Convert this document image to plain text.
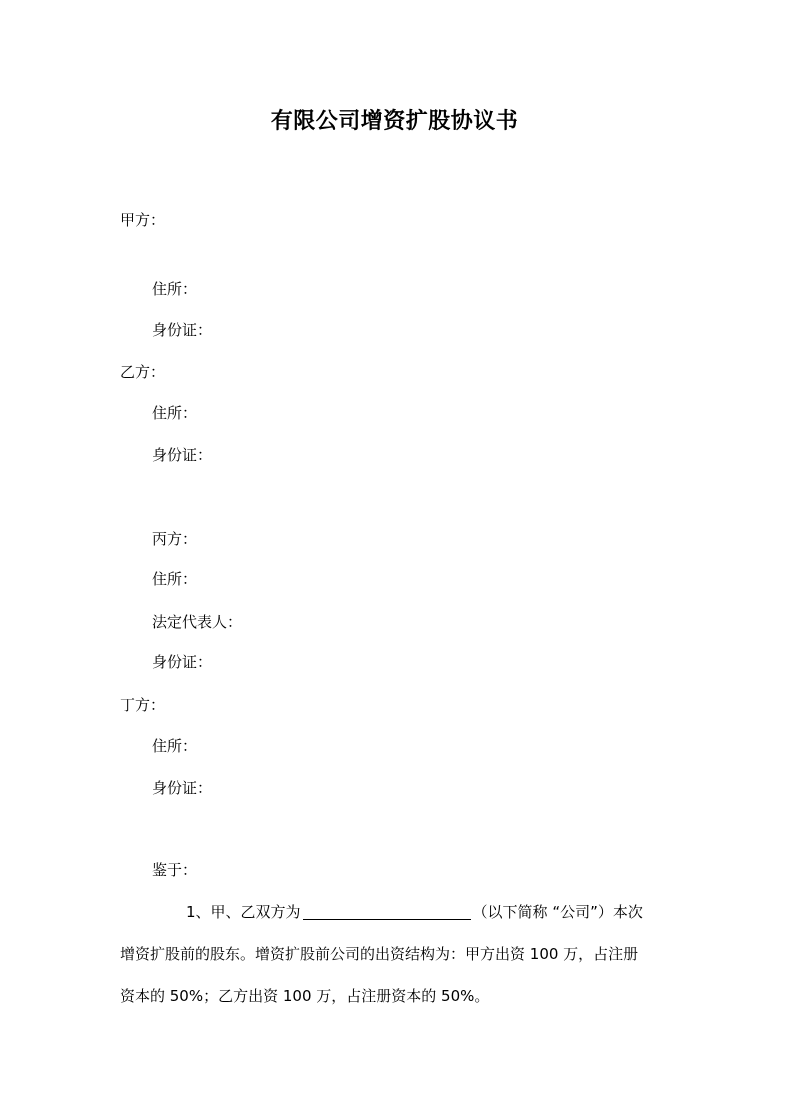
有限公司增资扩股协议书
甲方：
住所：
身份证：
乙方：
住所：
身份证：
丙方：
住所：
法定代表人：
身份证：
丁方：
住所：
身份证：
鉴于：
1、甲、乙双方为	（以下简称 “公司”）本次
增资扩股前的股东。增资扩股前公司的出资结构为：甲方出资 100 万，占注册
资本的 50%；乙方出资 100 万，占注册资本的 50%。
